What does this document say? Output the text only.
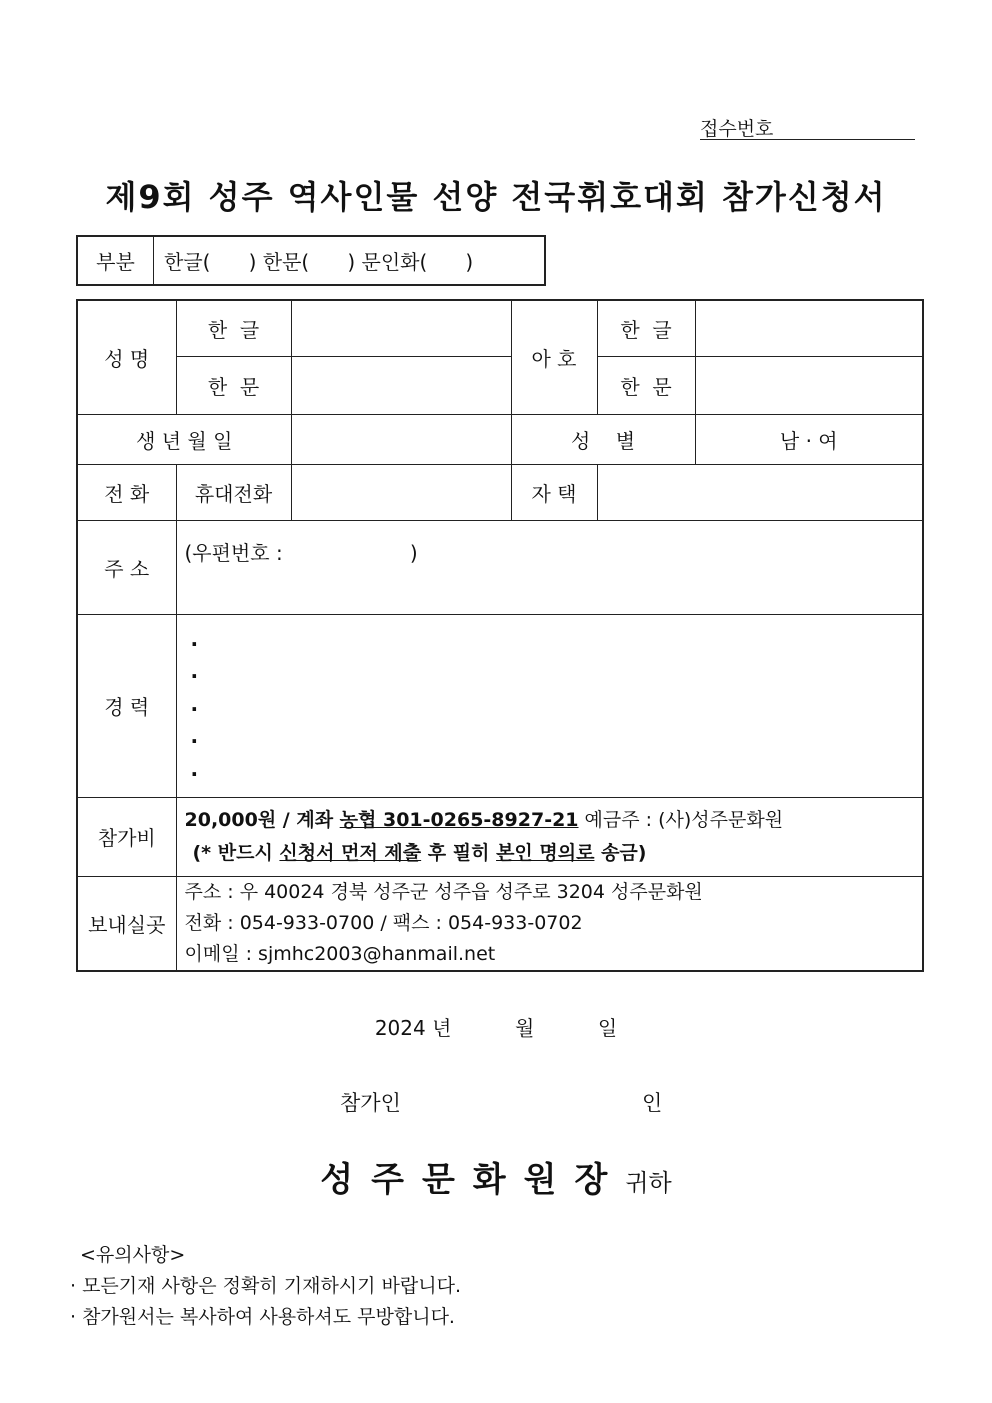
접수번호
제9회 성주 역사인물 선양 전국휘호대회 참가신청서
부분	한글(      ) 한문(      ) 문인화(      )
성 명	한  글		아 호	한  글	
	한  문			한  문	
생 년 월 일			성    별		남 · 여
전 화	휴대전화		자 택		
주 소	(우편번호 :                    )				
경 력	.
.
.
.
.				

참가비	20,000원 / 계좌 농협 301-0265-8927-21 예금주 : (사)성주문화원
(* 반드시 신청서 먼저 제출 후 필히 본인 명의로 송금)				

보내실곳	주소 : 우 40024 경북 성주군 성주읍 성주로 3204 성주문화원
전화 : 054-933-0700 / 팩스 : 054-933-0702
이메일 : sjmhc2003@hanmail.net				
2024 년          월          일
참가인	인
성주문화원장귀하
<유의사항>
· 모든기재 사항은 정확히 기재하시기 바랍니다.
· 참가원서는 복사하여 사용하셔도 무방합니다.
